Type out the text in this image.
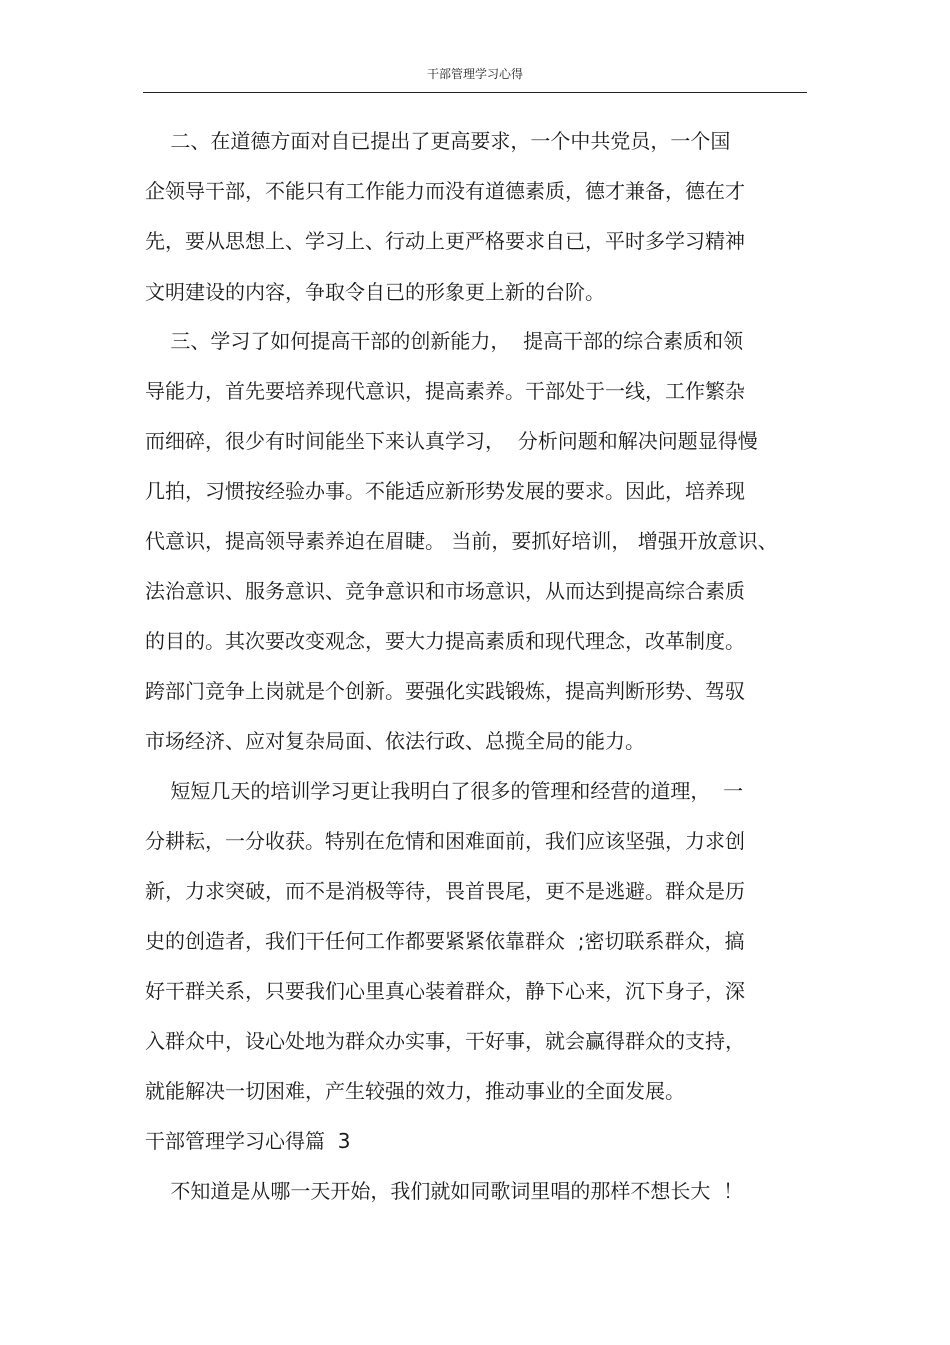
干部管理学习心得
二、在道德方面对自已提出了更高要求，一个中共党员，一个国
企领导干部，不能只有工作能力而没有道德素质，德才兼备，德在才
先，要从思想上、学习上、行动上更严格要求自已，平时多学习精神
文明建设的内容，争取令自已的形象更上新的台阶。
三、学习了如何提高干部的创新能力，  提高干部的综合素质和领
导能力，首先要培养现代意识，提高素养。干部处于一线，工作繁杂
而细碎，很少有时间能坐下来认真学习，  分析问题和解决问题显得慢
几拍，习惯按经验办事。不能适应新形势发展的要求。因此，培养现
代意识，提高领导素养迫在眉睫。 当前，要抓好培训， 增强开放意识、
法治意识、服务意识、竞争意识和市场意识，从而达到提高综合素质
的目的。其次要改变观念，要大力提高素质和现代理念，改革制度。
跨部门竞争上岗就是个创新。要强化实践锻炼，提高判断形势、驾驭
市场经济、应对复杂局面、依法行政、总揽全局的能力。
短短几天的培训学习更让我明白了很多的管理和经营的道理，  一
分耕耘，一分收获。特别在危情和困难面前，我们应该坚强，力求创
新，力求突破，而不是消极等待，畏首畏尾，更不是逃避。群众是历
史的创造者，我们干任何工作都要紧紧依靠群众  ;密切联系群众，搞
好干群关系，只要我们心里真心装着群众，静下心来，沉下身子，深
入群众中，设心处地为群众办实事，干好事，就会赢得群众的支持，
就能解决一切困难，产生较强的效力，推动事业的全面发展。
干部管理学习心得篇  3
不知道是从哪一天开始，我们就如同歌词里唱的那样不想长大  ！
